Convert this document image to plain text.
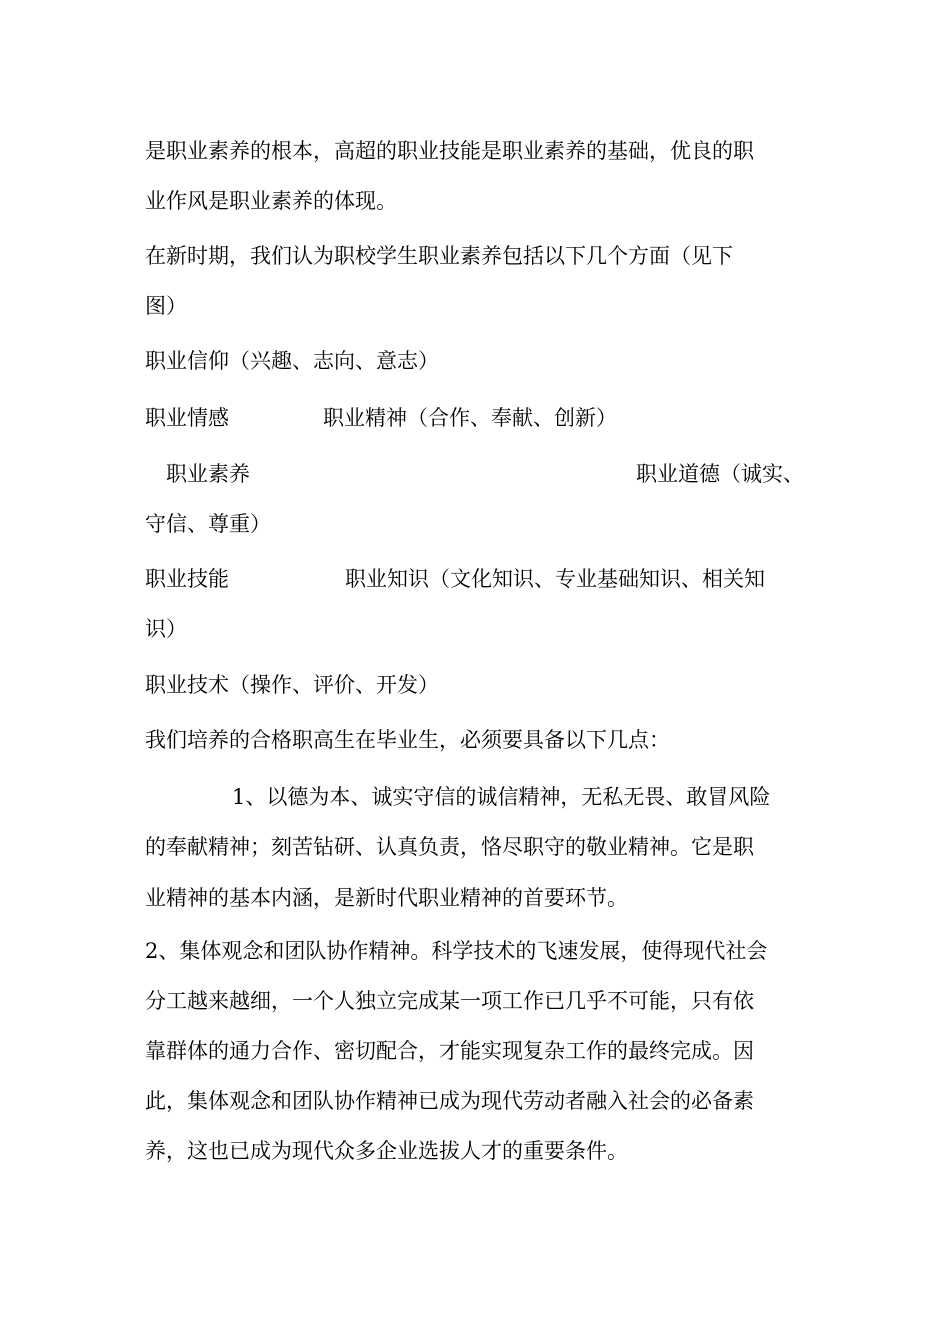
是职业素养的根本，高超的职业技能是职业素养的基础，优良的职

业作风是职业素养的体现。

在新时期，我们认为职校学生职业素养包括以下几个方面（见下

图）

职业信仰（兴趣、志向、意志）

职业情感	职业精神（合作、奉献、创新）

职业素养	职业道德（诚实、

守信、尊重）

职业技能	职业知识（文化知识、专业基础知识、相关知

识）

职业技术（操作、评价、开发）

我们培养的合格职高生在毕业生，必须要具备以下几点：

1、以德为本、诚实守信的诚信精神，无私无畏、敢冒风险

的奉献精神；刻苦钻研、认真负责，恪尽职守的敬业精神。它是职

业精神的基本内涵，是新时代职业精神的首要环节。

2、集体观念和团队协作精神。科学技术的飞速发展，使得现代社会

分工越来越细，一个人独立完成某一项工作已几乎不可能，只有依

靠群体的通力合作、密切配合，才能实现复杂工作的最终完成。因

此，集体观念和团队协作精神已成为现代劳动者融入社会的必备素

养，这也已成为现代众多企业选拔人才的重要条件。
